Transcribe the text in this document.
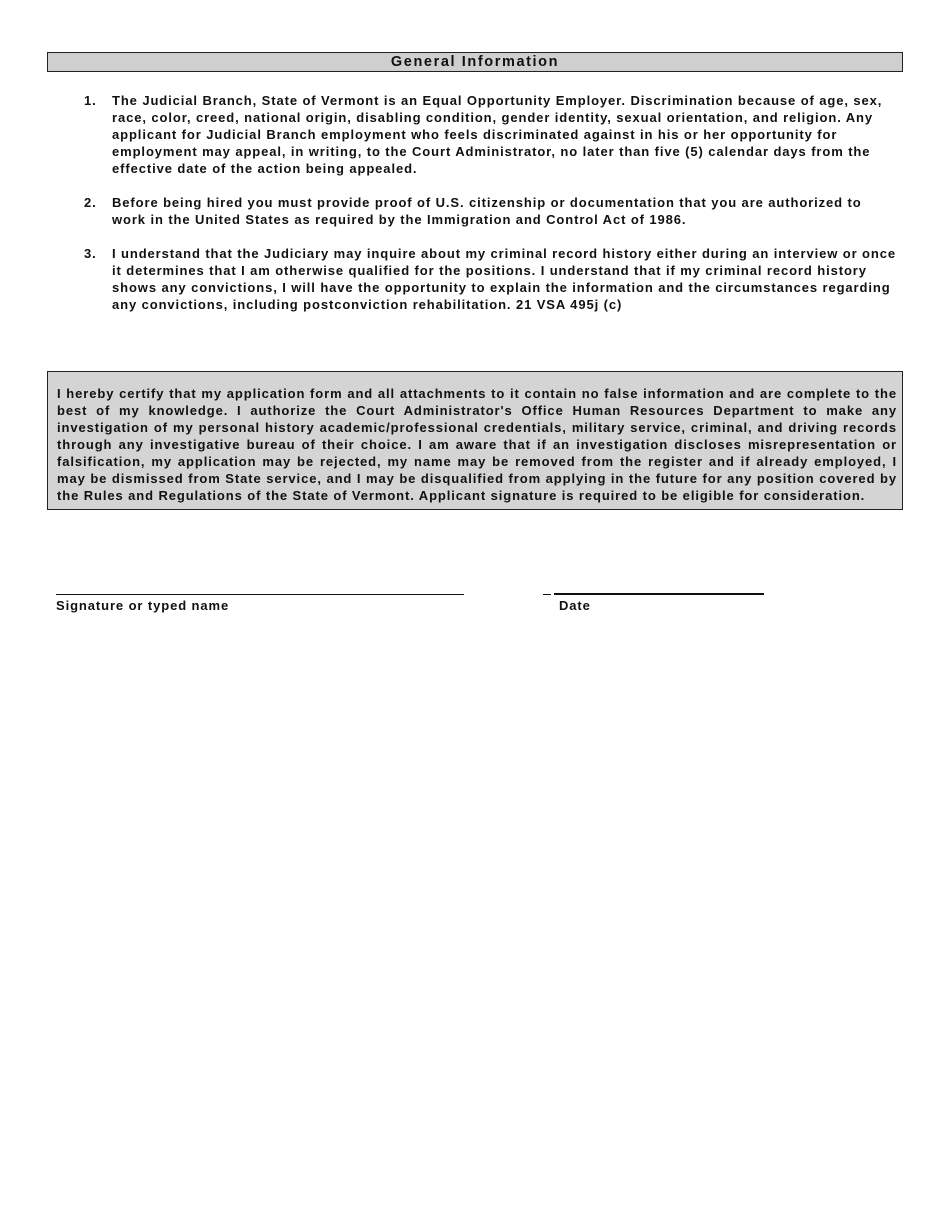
General Information
1. The Judicial Branch, State of Vermont is an Equal Opportunity Employer. Discrimination because of age, sex, race, color, creed, national origin, disabling condition, gender identity, sexual orientation, and religion. Any applicant for Judicial Branch employment who feels discriminated against in his or her opportunity for employment may appeal, in writing, to the Court Administrator, no later than five (5) calendar days from the effective date of the action being appealed.
2. Before being hired you must provide proof of U.S. citizenship or documentation that you are authorized to work in the United States as required by the Immigration and Control Act of 1986.
3. I understand that the Judiciary may inquire about my criminal record history either during an interview or once it determines that I am otherwise qualified for the positions. I understand that if my criminal record history shows any convictions, I will have the opportunity to explain the information and the circumstances regarding any convictions, including postconviction rehabilitation. 21 VSA 495j (c)
I hereby certify that my application form and all attachments to it contain no false information and are complete to the best of my knowledge. I authorize the Court Administrator's Office Human Resources Department to make any investigation of my personal history academic/professional credentials, military service, criminal, and driving records through any investigative bureau of their choice. I am aware that if an investigation discloses misrepresentation or falsification, my application may be rejected, my name may be removed from the register and if already employed, I may be dismissed from State service, and I may be disqualified from applying in the future for any position covered by the Rules and Regulations of the State of Vermont. Applicant signature is required to be eligible for consideration.
Signature or typed name	Date
